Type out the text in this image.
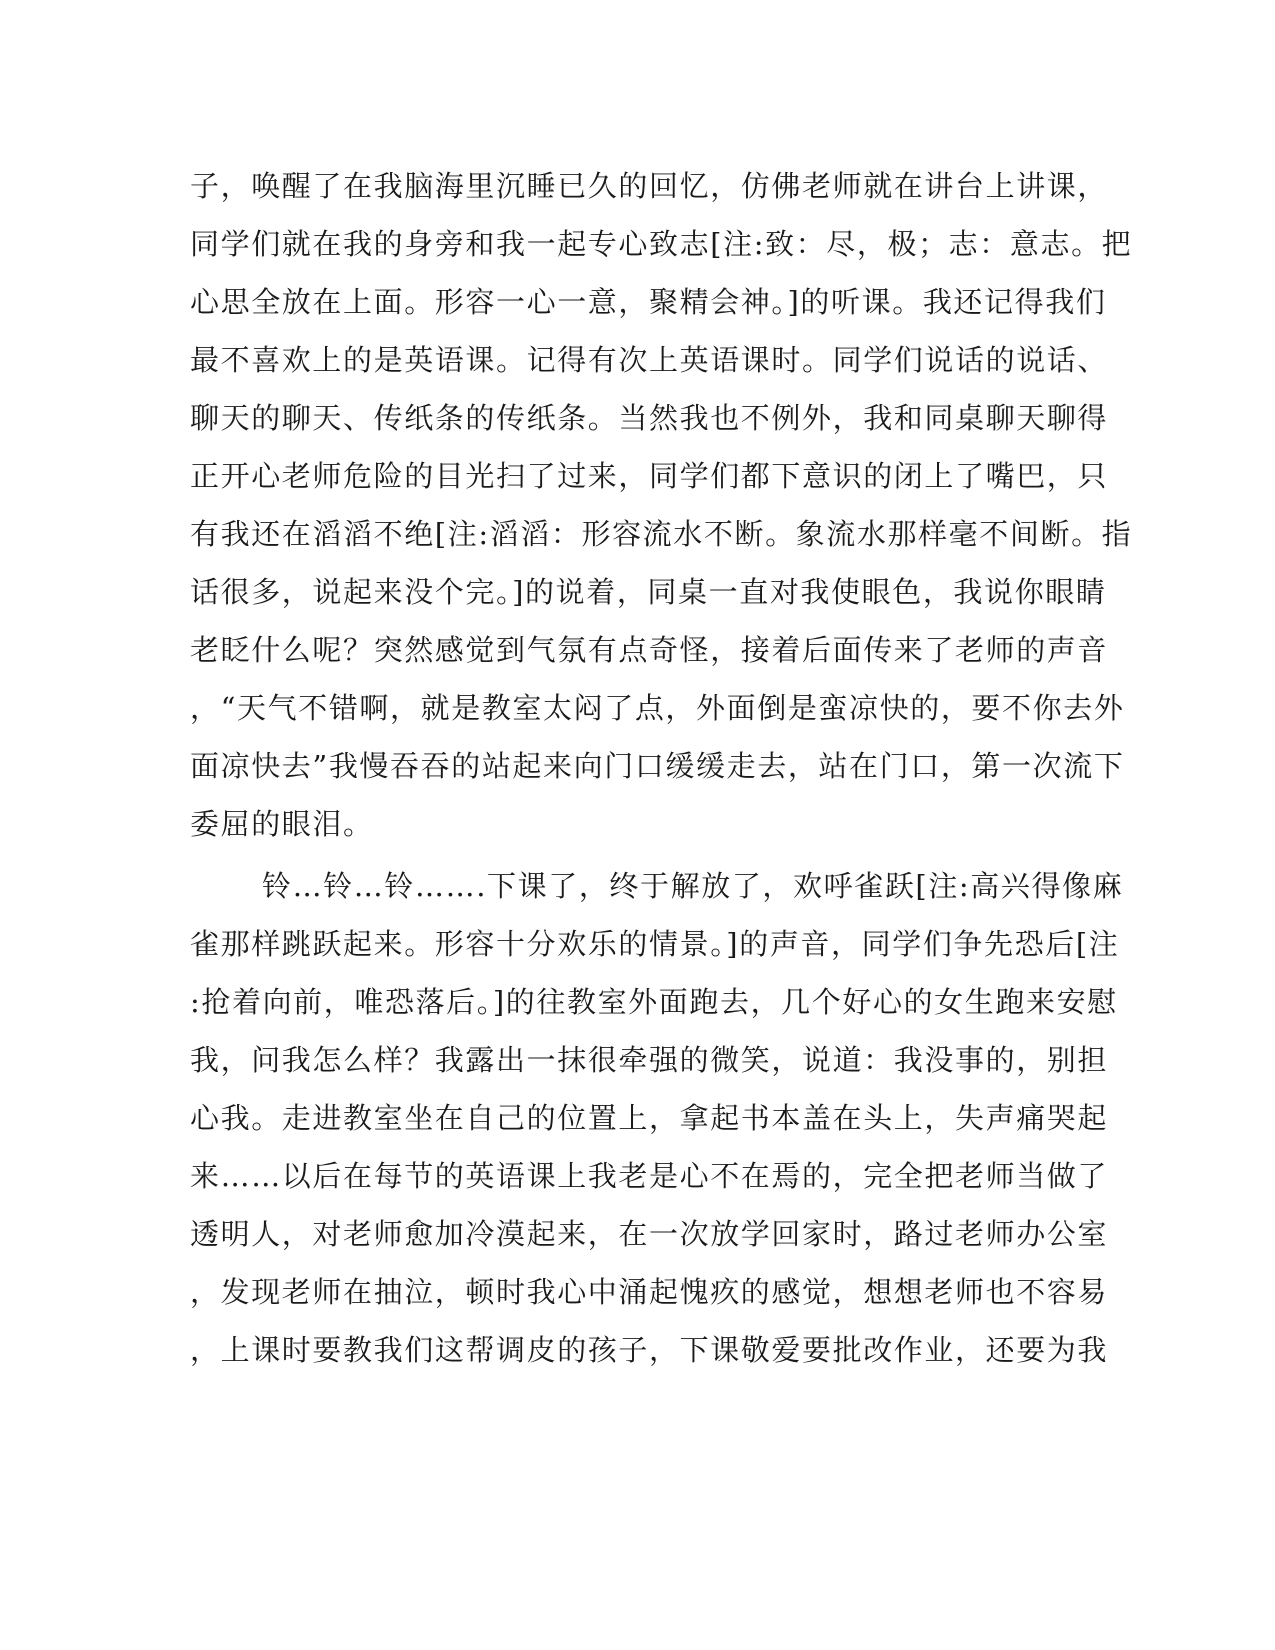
子，唤醒了在我脑海里沉睡已久的回忆，仿佛老师就在讲台上讲课，
同学们就在我的身旁和我一起专心致志[注:致：尽，极；志：意志。把
心思全放在上面。形容一心一意，聚精会神。]的听课。我还记得我们
最不喜欢上的是英语课。记得有次上英语课时。同学们说话的说话、
聊天的聊天、传纸条的传纸条。当然我也不例外，我和同桌聊天聊得
正开心老师危险的目光扫了过来，同学们都下意识的闭上了嘴巴，只
有我还在滔滔不绝[注:滔滔：形容流水不断。象流水那样毫不间断。指
话很多，说起来没个完。]的说着，同桌一直对我使眼色，我说你眼睛
老眨什么呢？突然感觉到气氛有点奇怪，接着后面传来了老师的声音
，“天气不错啊，就是教室太闷了点，外面倒是蛮凉快的，要不你去外
面凉快去”我慢吞吞的站起来向门口缓缓走去，站在门口，第一次流下
委屈的眼泪。
铃…铃…铃…….下课了，终于解放了，欢呼雀跃[注:高兴得像麻
雀那样跳跃起来。形容十分欢乐的情景。]的声音，同学们争先恐后[注
:抢着向前，唯恐落后。]的往教室外面跑去，几个好心的女生跑来安慰
我，问我怎么样？我露出一抹很牵强的微笑，说道：我没事的，别担
心我。走进教室坐在自己的位置上，拿起书本盖在头上，失声痛哭起
来……以后在每节的英语课上我老是心不在焉的，完全把老师当做了
透明人，对老师愈加冷漠起来，在一次放学回家时，路过老师办公室
，发现老师在抽泣，顿时我心中涌起愧疚的感觉，想想老师也不容易
，上课时要教我们这帮调皮的孩子，下课敬爱要批改作业，还要为我
